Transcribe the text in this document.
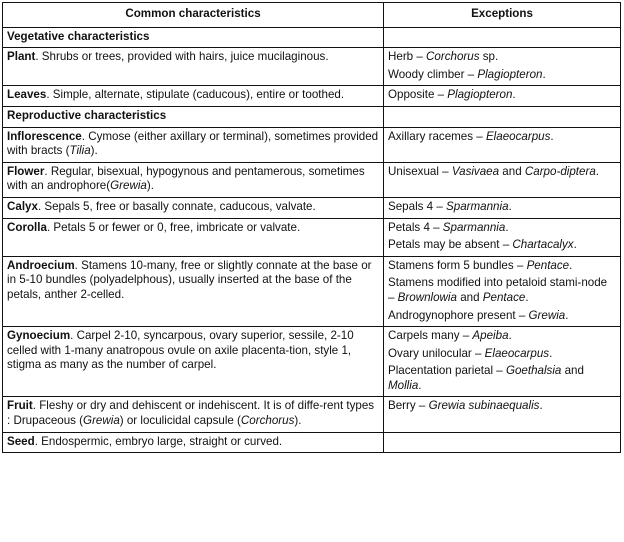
Common characteristics	Exceptions
Vegetative characteristics	
Plant. Shrubs or trees, provided with hairs, juice mucilaginous.	Herb – Corchorus sp.

Woody climber – Plagiopteron.

Leaves. Simple, alternate, stipulate (caducous), entire or toothed.	Opposite – Plagiopteron.

Reproductive characteristics	
Inflorescence. Cymose (either axillary or terminal), sometimes provided with bracts (Tilia).	Axillary racemes – Elaeocarpus.

Flower. Regular, bisexual, hypogynous and pentamerous, sometimes with an androphore(Grewia).	Unisexual – Vasivaea and Carpo-diptera.

Calyx. Sepals 5, free or basally connate, caducous, valvate.	Sepals 4 – Sparmannia.

Corolla. Petals 5 or fewer or 0, free, imbricate or valvate.	Petals 4 – Sparmannia.

Petals may be absent – Chartacalyx.

Androecium. Stamens 10-many, free or slightly connate at the base or in 5-10 bundles (polyadelphous), usually inserted at the base of the petals, anther 2-celled.	Stamens form 5 bundles – Pentace.

Stamens modified into petaloid stami-node – Brownlowia and Pentace.

Androgynophore present – Grewia.

Gynoecium. Carpel 2-10, syncarpous, ovary superior, sessile, 2-10 celled with 1-many anatropous ovule on axile placenta-tion, style 1, stigma as many as the number of carpel.	Carpels many – Apeiba.

Ovary unilocular – Elaeocarpus.

Placentation parietal – Goethalsia and Mollia.

Fruit. Fleshy or dry and dehiscent or indehiscent. It is of diffe-rent types : Drupaceous (Grewia) or loculicidal capsule (Corchorus).	Berry – Grewia subinaequalis.

Seed. Endospermic, embryo large, straight or curved.	
